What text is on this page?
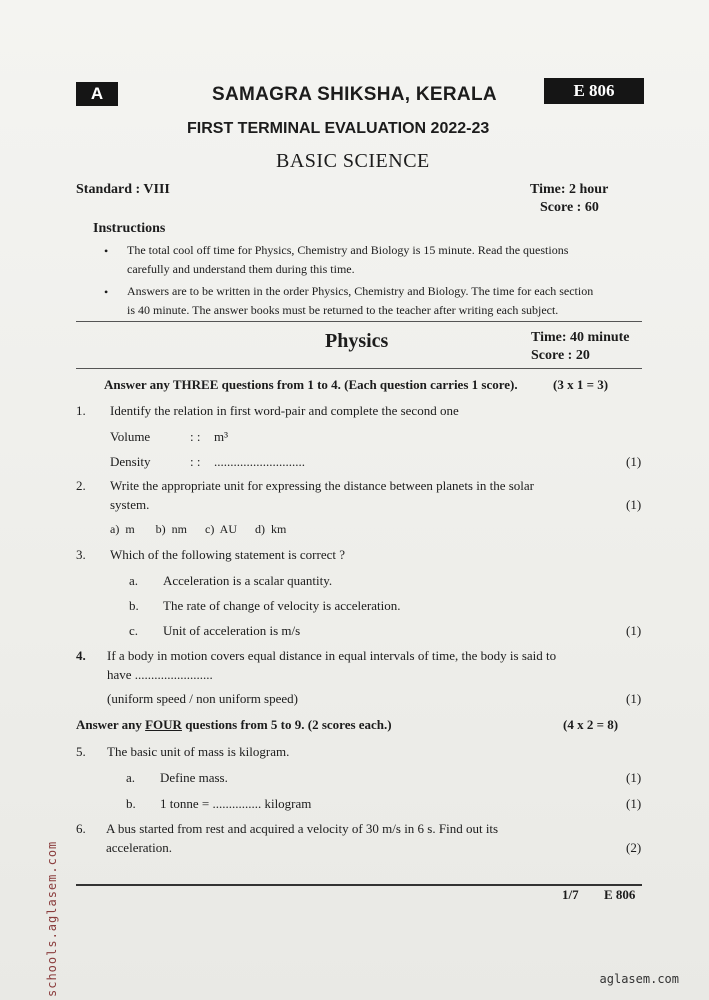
A	SAMAGRA SHIKSHA, KERALA	E 806
FIRST TERMINAL EVALUATION 2022-23
BASIC SCIENCE
Standard : VIII	Time: 2 hour
Score : 60
Instructions
• The total cool off time for Physics, Chemistry and Biology is 15 minute. Read the questions
carefully and understand them during this time.
• Answers are to be written in the order Physics, Chemistry and Biology. The time for each section
is 40 minute. The answer books must be returned to the teacher after writing each subject.
Physics	Time: 40 minute
Score : 20
Answer any THREE questions from 1 to 4. (Each question carries 1 score).	(3 x 1 = 3)
1. Identify the relation in first word-pair and complete the second one
Volume	: : m³
Density	: : ............................	(1)
2. Write the appropriate unit for expressing the distance between planets in the solar
system.	(1)
a)  m       b)  nm      c)  AU      d)  km
3. Which of the following statement is correct ?
a. Acceleration is a scalar quantity.
b. The rate of change of velocity is acceleration.
c. Unit of acceleration is m/s	(1)
4. If a body in motion covers equal distance in equal intervals of time, the body is said to
have ........................
(uniform speed / non uniform speed)	(1)
Answer any FOUR questions from 5 to 9. (2 scores each.)	(4 x 2 = 8)
5. The basic unit of mass is kilogram.
a. Define mass.	(1)
b. 1 tonne = ............... kilogram	(1)
6. A bus started from rest and acquired a velocity of 30 m/s in 6 s. Find out its
acceleration.	(2)
1/7 E 806
schools.aglasem.com	aglasem.com
